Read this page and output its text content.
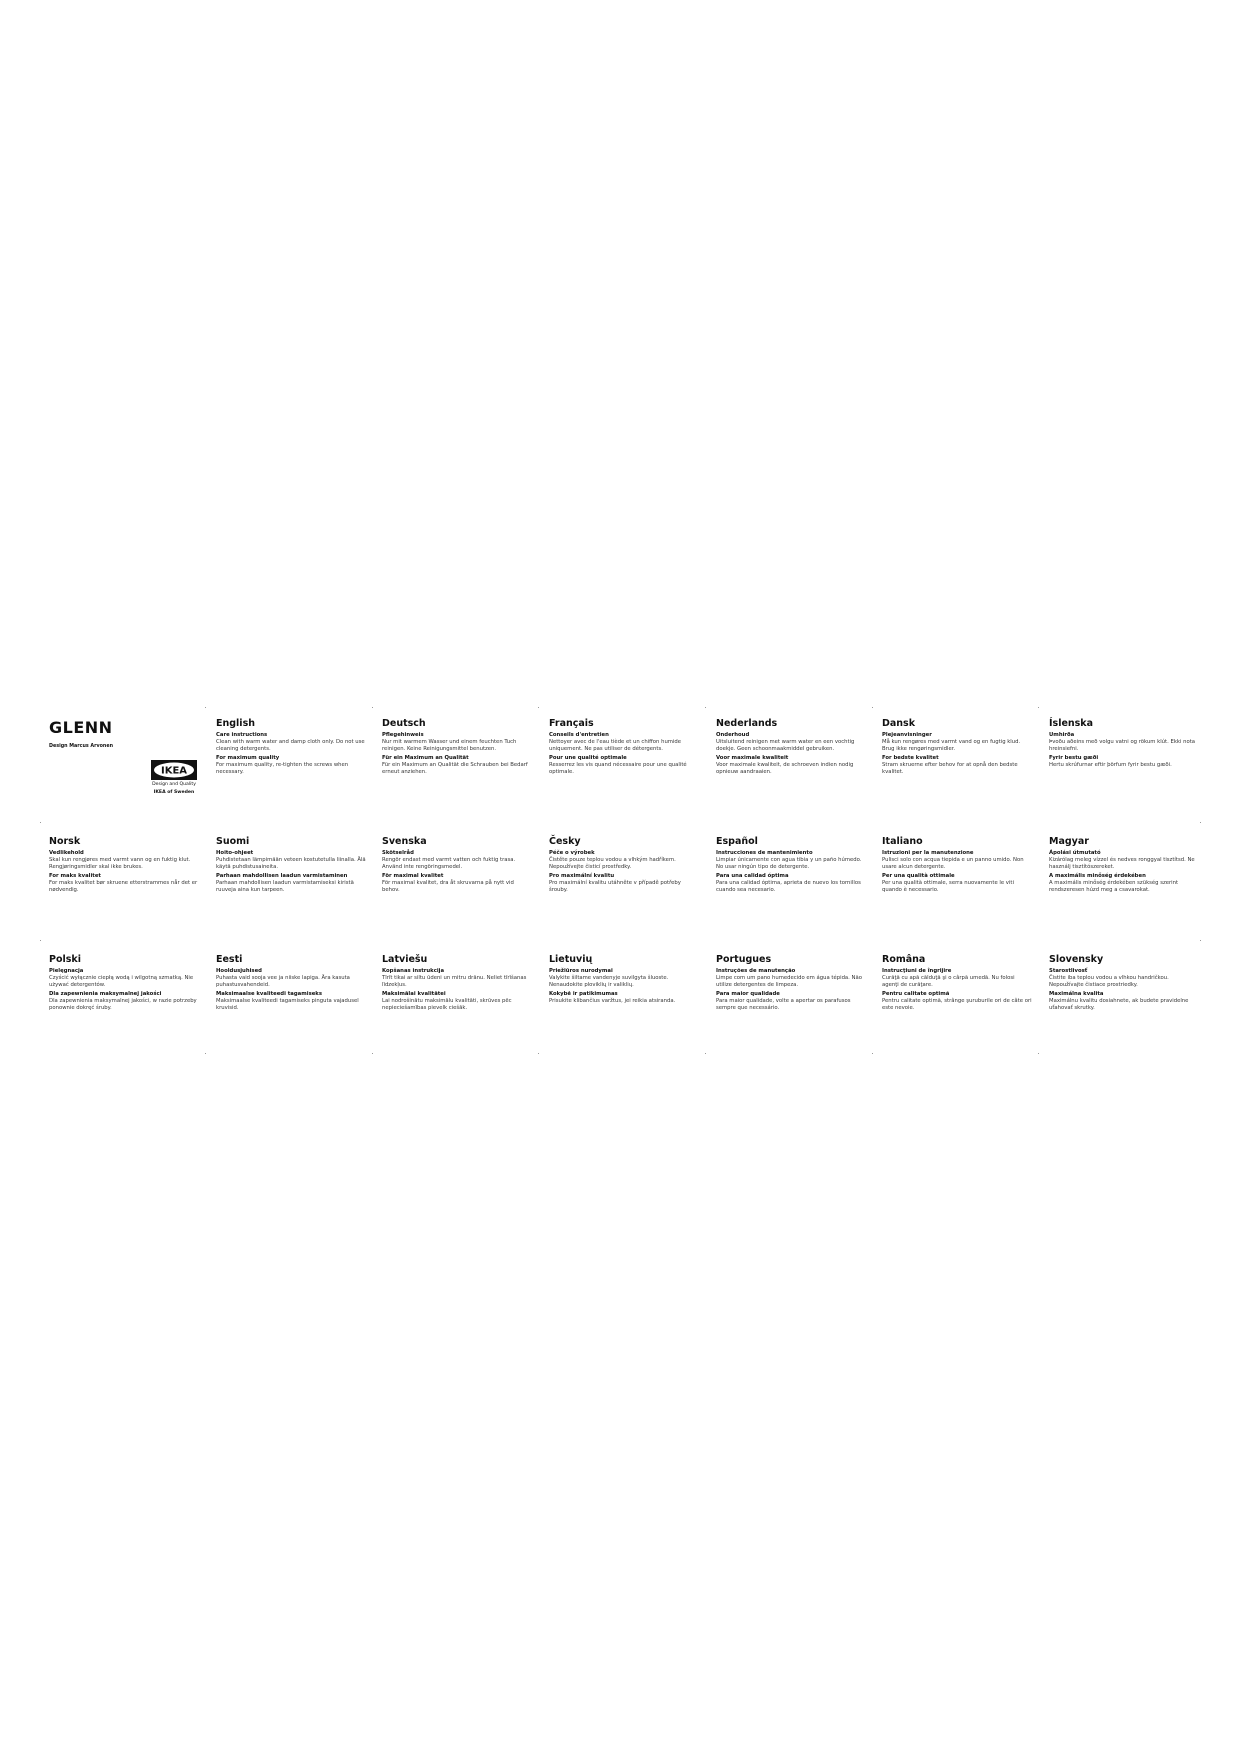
GLENN

Design Marcus Arvonen

IKEA

Design and Quality

IKEA of Sweden

English

Care instructions

Clean with warm water and damp cloth only. Do not use cleaning detergents.

For maximum quality

For maximum quality, re-tighten the screws when necessary.

Deutsch

Pflegehinweis

Nur mit warmem Wasser und einem feuchten Tuch reinigen. Keine Reinigungsmittel benutzen.

Für ein Maximum an Qualität

Für ein Maximum an Qualität die Schrauben bei Bedarf erneut anziehen.

Français

Conseils d'entretien

Nettoyer avec de l'eau tiède et un chiffon humide uniquement. Ne pas utiliser de détergents.

Pour une qualité optimale

Resserrez les vis quand nécessaire pour une qualité optimale.

Nederlands

Onderhoud

Uitsluitend reinigen met warm water en een vochtig doekje. Geen schoonmaakmiddel gebruiken.

Voor maximale kwaliteit

Voor maximale kwaliteit, de schroeven indien nodig opnieuw aandraaien.

Dansk

Plejeanvisninger

Må kun rengøres med varmt vand og en fugtig klud. Brug ikke rengøringsmidler.

For bedste kvalitet

Stram skruerne efter behov for at opnå den bedste kvalitet.

Íslenska

Umhirða

Þvoðu aðeins með volgu vatni og rökum klút. Ekki nota hreinsiefni.

Fyrir bestu gæði

Hertu skrúfurnar eftir þörfum fyrir bestu gæði.

Norsk

Vedlikehold

Skal kun rengjøres med varmt vann og en fuktig klut. Rengjøringsmidler skal ikke brukes.

For maks kvalitet

For maks kvalitet bør skruene etterstrammes når det er nødvendig.

Suomi

Hoito-ohjeet

Puhdistetaan lämpimään veteen kostutetulla liinalla. Älä käytä puhdistusaineita.

Parhaan mahdollisen laadun varmistaminen

Parhaan mahdollisen laadun varmistamiseksi kiristä ruuveja aina kun tarpeen.

Svenska

Skötselråd

Rengör endast med varmt vatten och fuktig trasa. Använd inte rengöringsmedel.

För maximal kvalitet

För maximal kvalitet, dra åt skruvarna på nytt vid behov.

Česky

Péče o výrobek

Čistěte pouze teplou vodou a vlhkým hadříkem. Nepoužívejte čisticí prostředky.

Pro maximální kvalitu

Pro maximální kvalitu utáhněte v případě potřeby šrouby.

Español

Instrucciones de mantenimiento

Limpiar únicamente con agua tibia y un paño húmedo. No usar ningún tipo de detergente.

Para una calidad óptima

Para una calidad óptima, aprieta de nuevo los tornillos cuando sea necesario.

Italiano

Istruzioni per la manutenzione

Pulisci solo con acqua tiepida e un panno umido. Non usare alcun detergente.

Per una qualità ottimale

Per una qualità ottimale, serra nuovamente le viti quando è necessario.

Magyar

Ápolási útmutató

Kizárólag meleg vízzel és nedves ronggyal tisztítsd. Ne használj tisztítószereket.

A maximális minőség érdekében

A maximális minőség érdekében szükség szerint rendszeresen húzd meg a csavarokat.

Polski

Pielęgnacja

Czyścić wyłącznie ciepłą wodą i wilgotną szmatką. Nie używać detergentów.

Dla zapewnienia maksymalnej jakości

Dla zapewnienia maksymalnej jakości, w razie potrzeby ponownie dokręć śruby.

Eesti

Hooldusjuhised

Puhasta vaid sooja vee ja niiske lapiga. Ära kasuta puhastusvahendeid.

Maksimaalse kvaliteedi tagamiseks

Maksimaalse kvaliteedi tagamiseks pinguta vajadusel kruvisid.

Latviešu

Kopšanas instrukcija

Tīrīt tikai ar siltu ūdeni un mitru drānu. Neliet tīrīšanas līdzekļus.

Maksimālai kvalitātei

Lai nodrošinātu maksimālu kvalitāti, skrūves pēc nepieciešamības pievelk ciešāk.

Lietuvių

Priežiūros nurodymai

Valykite šiltame vandenyje suvilgyta šluoste. Nenaudokite ploviklių ir valiklių.

Kokybė ir patikimumas

Prisukite klibančius varžtus, jei reikia atsiranda.

Portugues

Instruções de manutenção

Limpe com um pano humedecido em água tépida. Não utilize detergentes de limpeza.

Para maior qualidade

Para maior qualidade, volte a apertar os parafusos sempre que necessário.

Româna

Instrucţiuni de îngrijire

Curăţă cu apă călduţă şi o cârpă umedă. Nu folosi agenţi de curăţare.

Pentru calitate optimă

Pentru calitate optimă, strânge şuruburile ori de câte ori este nevoie.

Slovensky

Starostlivosť

Čistite iba teplou vodou a vlhkou handričkou. Nepoužívajte čistiace prostriedky.

Maximálna kvalita

Maximálnu kvalitu dosiahnete, ak budete pravidelne uťahovať skrutky.
